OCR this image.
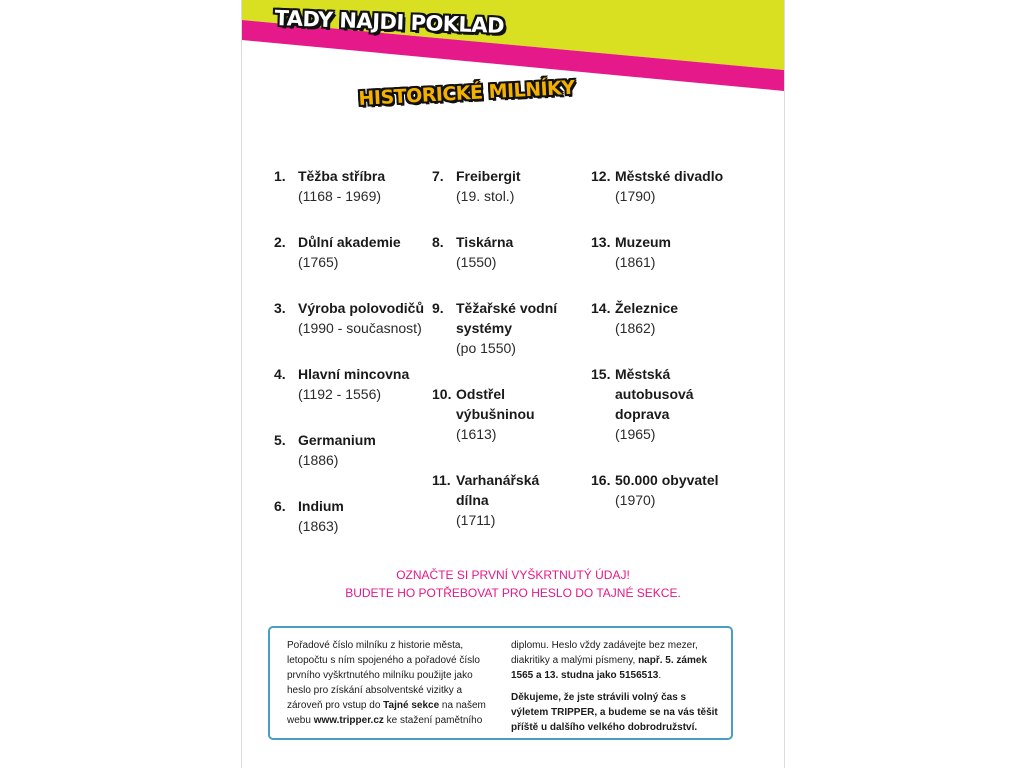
TADY NAJDI POKLAD
HISTORICKÉ MILNÍKY
1. Těžba stříbra
(1168 - 1969)
2. Důlní akademie
(1765)
3. Výroba polovodičů
(1990 - současnost)
4. Hlavní mincovna
(1192 - 1556)
5. Germanium
(1886)
6. Indium
(1863)
7. Freibergit
(19. stol.)
8. Tiskárna
(1550)
9. Těžařské vodní systémy
(po 1550)
10. Odstřel výbušninou
(1613)
11. Varhanářská dílna
(1711)
12. Městské divadlo
(1790)
13. Muzeum
(1861)
14. Železnice
(1862)
15. Městská autobusová doprava
(1965)
16. 50.000 obyvatel
(1970)
OZNAČTE SI PRVNÍ VYŠKRTNUTÝ ÚDAJ!
BUDETE HO POTŘEBOVAT PRO HESLO DO TAJNÉ SEKCE.
Pořadové číslo milníku z historie města, letopočtu s ním spojeného a pořadové číslo prvního vyškrtnutého milníku použijte jako heslo pro získání absolventské vizitky a zároveň pro vstup do Tajné sekce na našem webu www.tripper.cz ke stažení pamětního

diplomu. Heslo vždy zadávejte bez mezer, diakritiky a malými písmeny, např. 5. zámek 1565 a 13. studna jako 5156513.

Děkujeme, že jste strávili volný čas s výletem TRIPPER, a budeme se na vás těšit příště u dalšího velkého dobrodružství.
